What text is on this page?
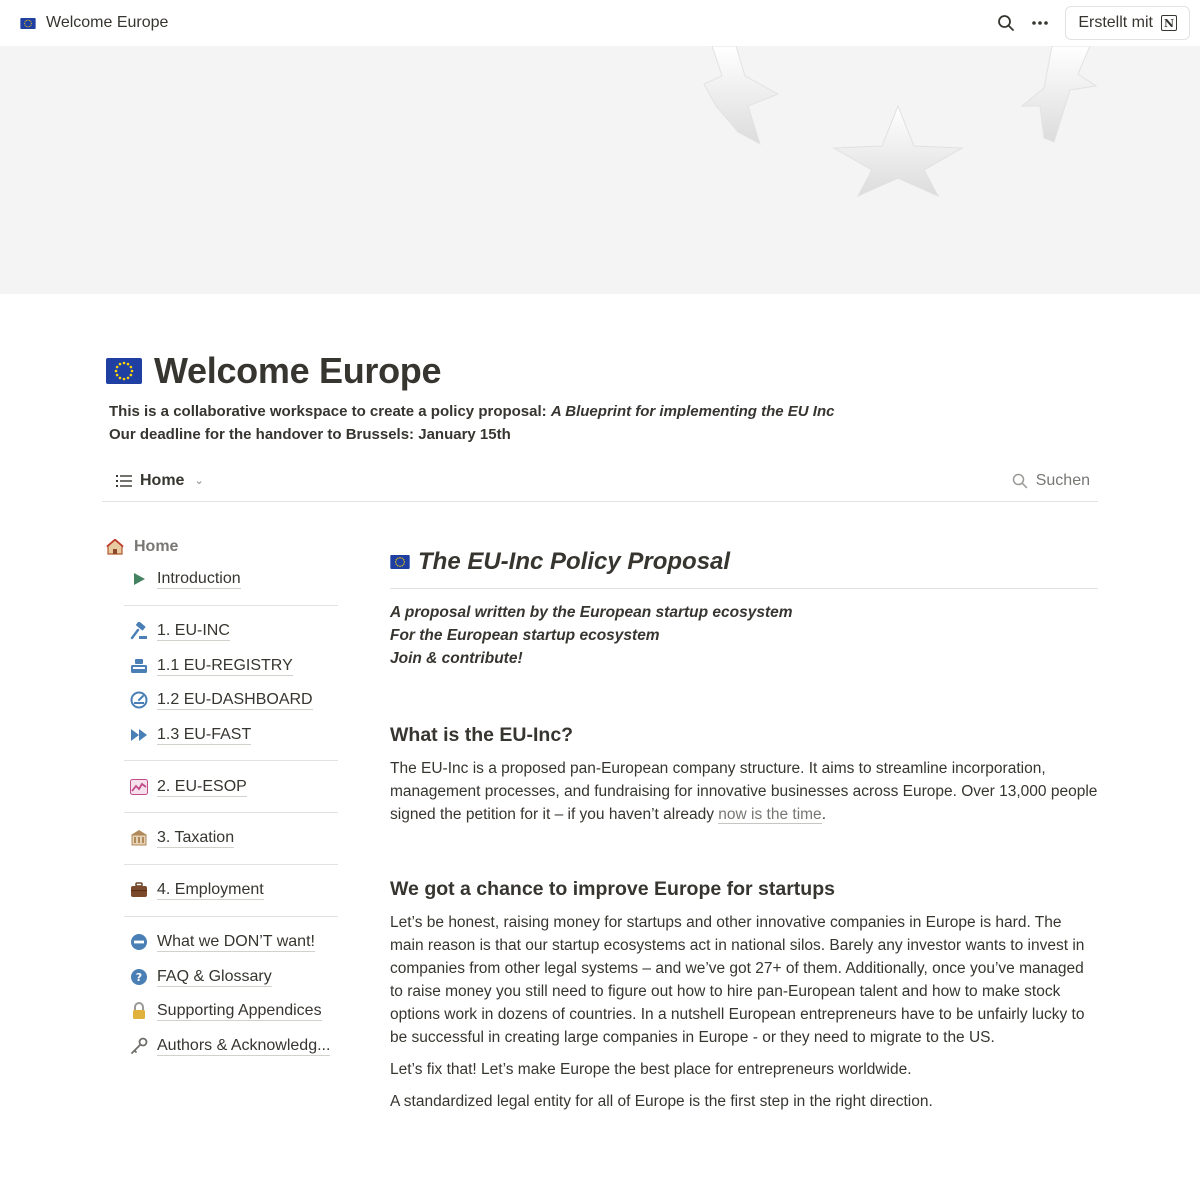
Welcome Europe	Erstellt mit N
Welcome Europe
This is a collaborative workspace to create a policy proposal: A Blueprint for implementing the EU Inc
Our deadline for the handover to Brussels: January 15th
Home ⌄	Suchen
Home
Introduction
1. EU-INC
1.1 EU-REGISTRY
1.2 EU-DASHBOARD
1.3 EU-FAST
2. EU-ESOP
3. Taxation
4. Employment
What we DON’T want!
? FAQ & Glossary
Supporting Appendices
Authors & Acknowledg...
The EU-Inc Policy Proposal
A proposal written by the European startup ecosystem
For the European startup ecosystem
Join & contribute!
What is the EU-Inc?

The EU-Inc is a proposed pan-European company structure. It aims to streamline incorporation, management processes, and fundraising for innovative businesses across Europe. Over 13,000 people signed the petition for it – if you haven’t already now is the time.

We got a chance to improve Europe for startups

Let’s be honest, raising money for startups and other innovative companies in Europe is hard. The main reason is that our startup ecosystems act in national silos. Barely any investor wants to invest in companies from other legal systems – and we’ve got 27+ of them. Additionally, once you’ve managed to raise money you still need to figure out how to hire pan-European talent and how to make stock options work in dozens of countries. In a nutshell European entrepreneurs have to be unfairly lucky to be successful in creating large companies in Europe - or they need to migrate to the US.

Let’s fix that! Let’s make Europe the best place for entrepreneurs worldwide.

A standardized legal entity for all of Europe is the first step in the right direction.
